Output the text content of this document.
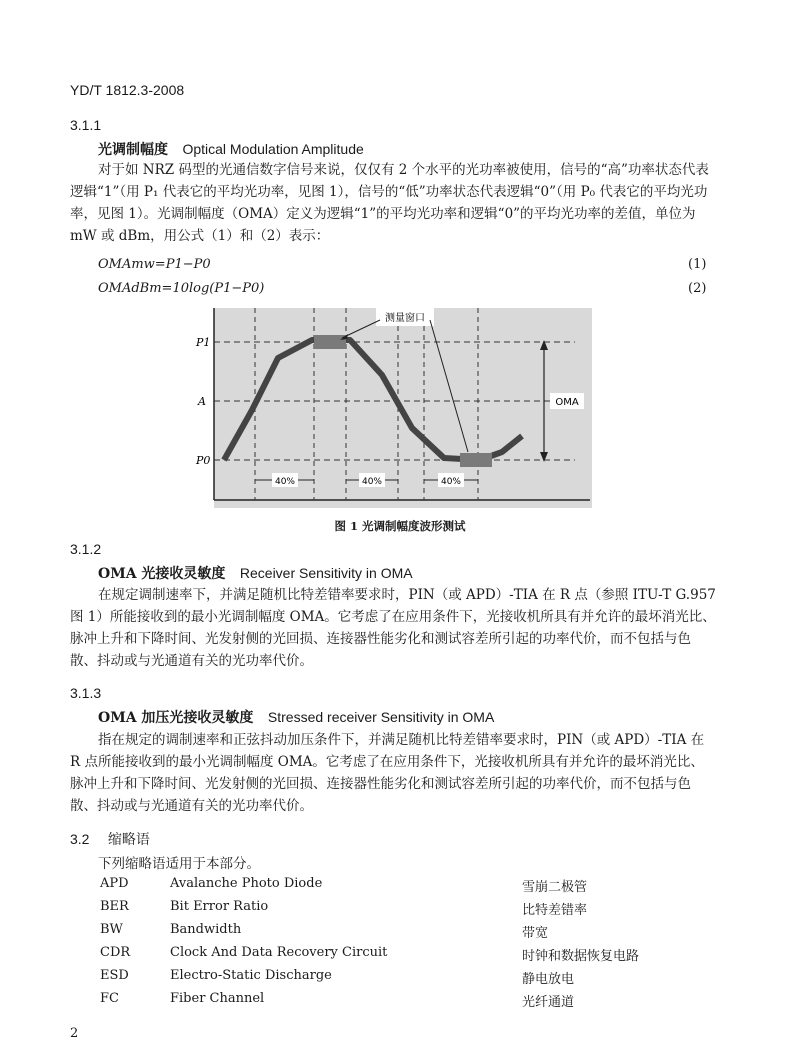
YD/T 1812.3-2008
3.1.1
光调制幅度 Optical Modulation Amplitude

对于如 NRZ 码型的光通信数字信号来说，仅仅有 2 个水平的光功率被使用，信号的“高”功率状态代表逻辑“1”（用 P₁ 代表它的平均光功率，见图 1），信号的“低”功率状态代表逻辑“0”（用 P₀ 代表它的平均光功率，见图 1）。光调制幅度（OMA）定义为逻辑“1”的平均光功率和逻辑“0”的平均光功率的差值，单位为 mW 或 dBm，用公式（1）和（2）表示：

OMAmw=P1−P0	(1)
OMAdBm=10log(P1−P0)	(2)
测量窗口
P1
A
P0
OMA
40%	40%	40%
图 1 光调制幅度波形测试
3.1.2
OMA 光接收灵敏度 Receiver Sensitivity in OMA

在规定调制速率下，并满足随机比特差错率要求时，PIN（或 APD）-TIA 在 R 点（参照 ITU-T G.957 图 1）所能接收到的最小光调制幅度 OMA。它考虑了在应用条件下，光接收机所具有并允许的最坏消光比、脉冲上升和下降时间、光发射侧的光回损、连接器性能劣化和测试容差所引起的功率代价，而不包括与色散、抖动或与光通道有关的光功率代价。

3.1.3
OMA 加压光接收灵敏度 Stressed receiver Sensitivity in OMA

指在规定的调制速率和正弦抖动加压条件下，并满足随机比特差错率要求时，PIN（或 APD）-TIA 在 R 点所能接收到的最小光调制幅度 OMA。它考虑了在应用条件下，光接收机所具有并允许的最坏消光比、脉冲上升和下降时间、光发射侧的光回损、连接器性能劣化和测试容差所引起的功率代价，而不包括与色散、抖动或与光通道有关的光功率代价。

3.2 缩略语
下列缩略语适用于本部分。
APD	Avalanche Photo Diode	雪崩二极管
BER	Bit Error Ratio	比特差错率
BW	Bandwidth	带宽
CDR	Clock And Data Recovery Circuit	时钟和数据恢复电路
ESD	Electro-Static Discharge	静电放电
FC	Fiber Channel	光纤通道
2
